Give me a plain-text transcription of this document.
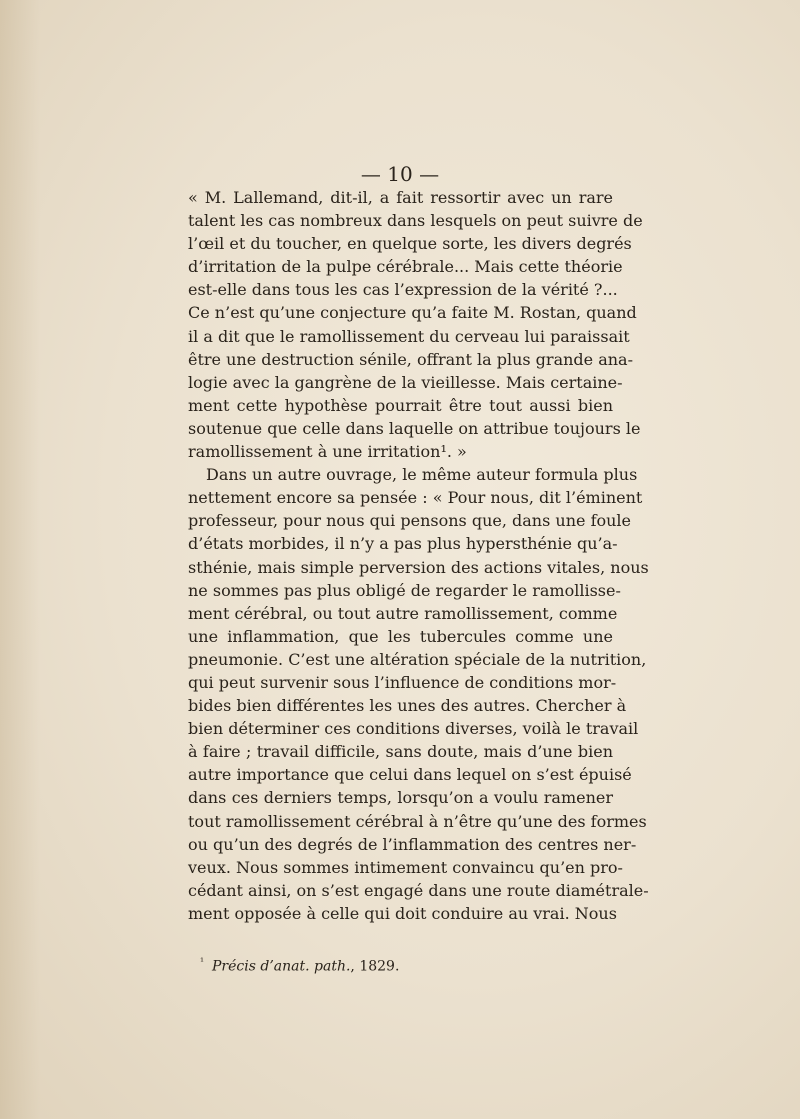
— 10 —
« M. Lallemand, dit-il, a fait ressortir avec un rare
talent les cas nombreux dans lesquels on peut suivre de
l’œil et du toucher, en quelque sorte, les divers degrés
d’irritation de la pulpe cérébrale... Mais cette théorie
est-elle dans tous les cas l’expression de la vérité ?...
Ce n’est qu’une conjecture qu’a faite M. Rostan, quand
il a dit que le ramollissement du cerveau lui paraissait
être une destruction sénile, offrant la plus grande ana-
logie avec la gangrène de la vieillesse. Mais certaine-
ment cette hypothèse pourrait être tout aussi bien
soutenue que celle dans laquelle on attribue toujours le
ramollissement à une irritation¹. »
Dans un autre ouvrage, le même auteur formula plus
nettement encore sa pensée : « Pour nous, dit l’éminent
professeur, pour nous qui pensons que, dans une foule
d’états morbides, il n’y a pas plus hypersthénie qu’a-
sthénie, mais simple perversion des actions vitales, nous
ne sommes pas plus obligé de regarder le ramollisse-
ment cérébral, ou tout autre ramollissement, comme
une inflammation, que les tubercules comme une
pneumonie. C’est une altération spéciale de la nutrition,
qui peut survenir sous l’influence de conditions mor-
bides bien différentes les unes des autres. Chercher à
bien déterminer ces conditions diverses, voilà le travail
à faire ; travail difficile, sans doute, mais d’une bien
autre importance que celui dans lequel on s’est épuisé
dans ces derniers temps, lorsqu’on a voulu ramener
tout ramollissement cérébral à n’être qu’une des formes
ou qu’un des degrés de l’inflammation des centres ner-
veux. Nous sommes intimement convaincu qu’en pro-
cédant ainsi, on s’est engagé dans une route diamétrale-
ment opposée à celle qui doit conduire au vrai. Nous
$^{^1}$ Précis d’anat. path., 1829.
